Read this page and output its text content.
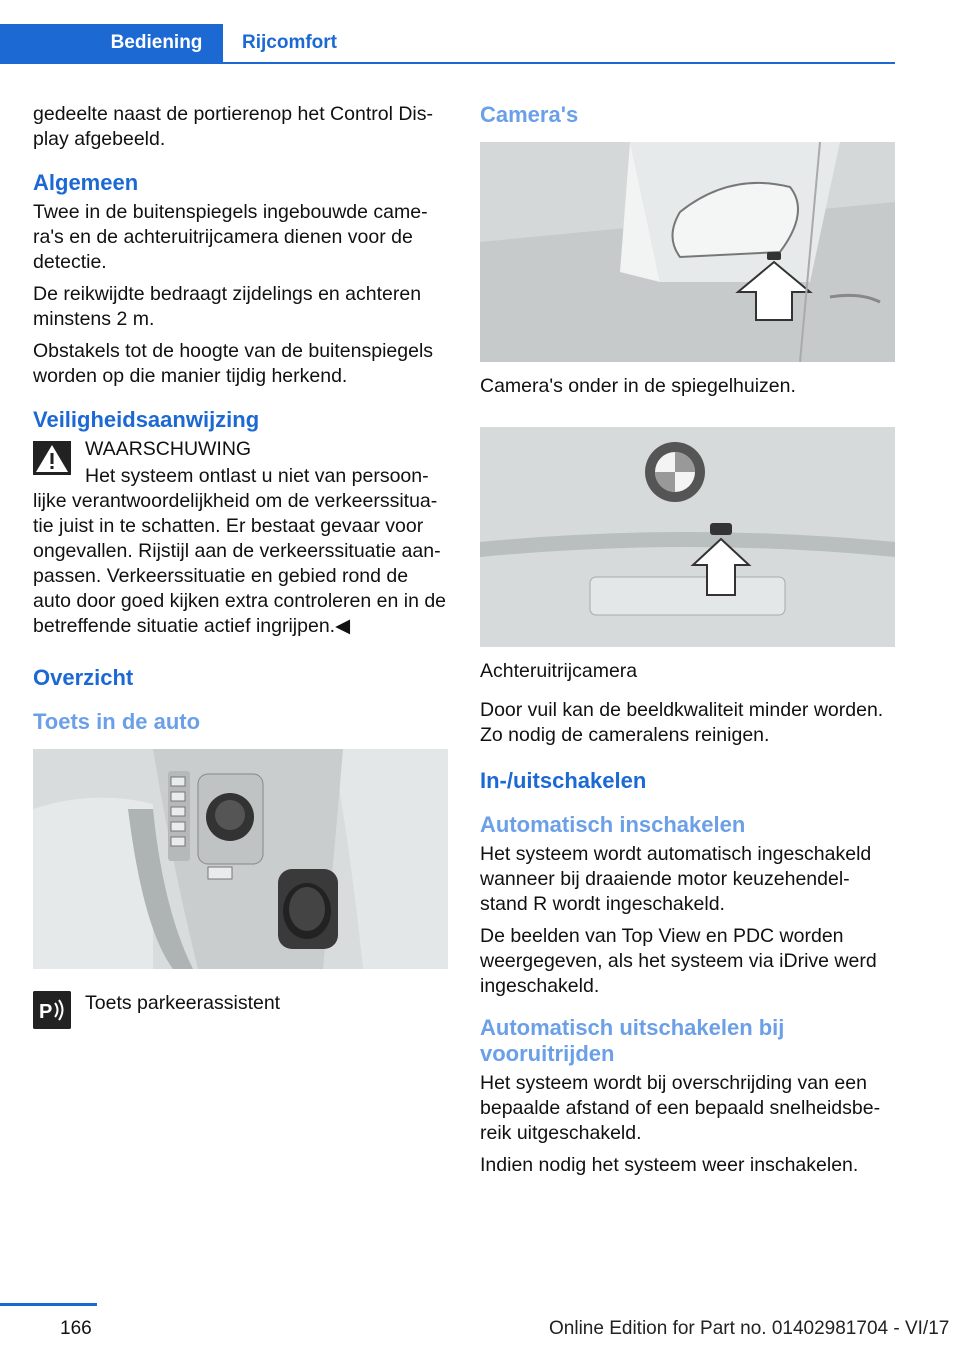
Bediening	Rijcomfort

gedeelte naast de portierenop het Control Dis-play afgebeeld.

Algemeen

Twee in de buitenspiegels ingebouwde came-ra's en de achteruitrijcamera dienen voor de detectie.

De reikwijdte bedraagt zijdelings en achteren minstens 2 m.

Obstakels tot de hoogte van de buitenspiegels worden op die manier tijdig herkend.

Veiligheidsaanwijzing

WAARSCHUWING

Het systeem ontlast u niet van persoon-lijke verantwoordelijkheid om de verkeerssitua-tie juist in te schatten. Er bestaat gevaar voor ongevallen. Rijstijl aan de verkeerssituatie aan-passen. Verkeerssituatie en gebied rond de auto door goed kijken extra controleren en in de betreffende situatie actief ingrijpen.◀

Overzicht
Toets in de auto
P Toets parkeerassistent

Camera's

Camera's onder in de spiegelhuizen.

Achteruitrijcamera

Door vuil kan de beeldkwaliteit minder worden. Zo nodig de cameralens reinigen.

In-/uitschakelen
Automatisch inschakelen

Het systeem wordt automatisch ingeschakeld wanneer bij draaiende motor keuzehendel-stand R wordt ingeschakeld.

De beelden van Top View en PDC worden weergegeven, als het systeem via iDrive werd ingeschakeld.

Automatisch uitschakelen bij vooruitrijden

Het systeem wordt bij overschrijding van een bepaalde afstand of een bepaald snelheidsbe-reik uitgeschakeld.

Indien nodig het systeem weer inschakelen.

166	Online Edition for Part no. 01402981704 - VI/17
